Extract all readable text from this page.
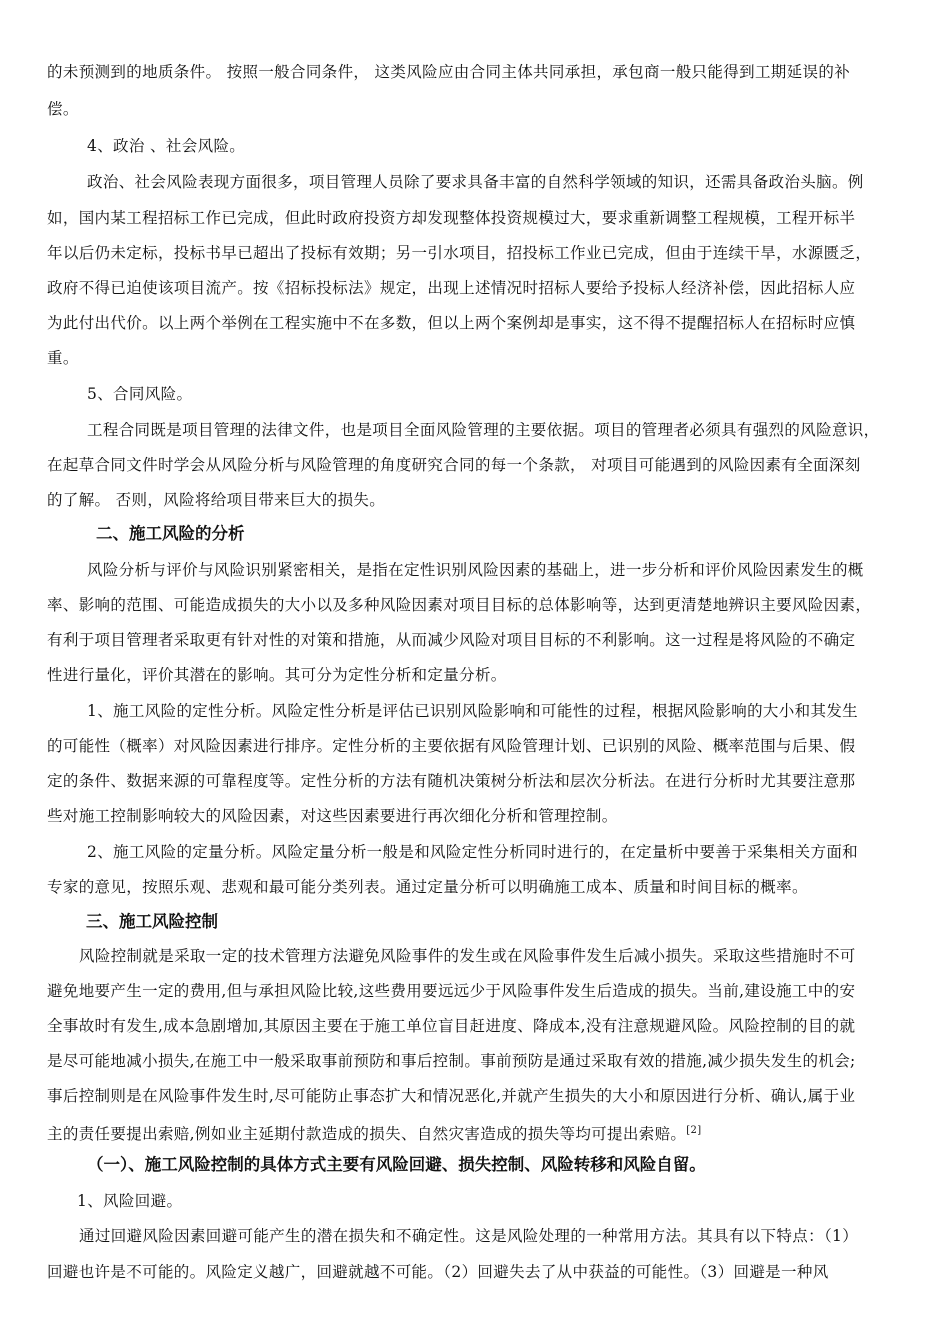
的未预测到的地质条件。 按照一般合同条件， 这类风险应由合同主体共同承担，承包商一般只能得到工期延误的补
偿。
4、政治 、社会风险。
政治、社会风险表现方面很多，项目管理人员除了要求具备丰富的自然科学领域的知识，还需具备政治头脑。例
如，国内某工程招标工作已完成，但此时政府投资方却发现整体投资规模过大，要求重新调整工程规模，工程开标半
年以后仍未定标，投标书早已超出了投标有效期；另一引水项目，招投标工作业已完成，但由于连续干旱，水源匮乏，
政府不得已迫使该项目流产。按《招标投标法》规定，出现上述情况时招标人要给予投标人经济补偿，因此招标人应
为此付出代价。以上两个举例在工程实施中不在多数，但以上两个案例却是事实，这不得不提醒招标人在招标时应慎
重。
5、合同风险。
工程合同既是项目管理的法律文件，也是项目全面风险管理的主要依据。项目的管理者必须具有强烈的风险意识，
在起草合同文件时学会从风险分析与风险管理的角度研究合同的每一个条款， 对项目可能遇到的风险因素有全面深刻
的了解。 否则，风险将给项目带来巨大的损失。
二、施工风险的分析
风险分析与评价与风险识别紧密相关，是指在定性识别风险因素的基础上，进一步分析和评价风险因素发生的概
率、影响的范围、可能造成损失的大小以及多种风险因素对项目目标的总体影响等，达到更清楚地辨识主要风险因素，
有利于项目管理者采取更有针对性的对策和措施，从而减少风险对项目目标的不利影响。这一过程是将风险的不确定
性进行量化，评价其潜在的影响。其可分为定性分析和定量分析。
1、施工风险的定性分析。风险定性分析是评估已识别风险影响和可能性的过程，根据风险影响的大小和其发生
的可能性（概率）对风险因素进行排序。定性分析的主要依据有风险管理计划、已识别的风险、概率范围与后果、假
定的条件、数据来源的可靠程度等。定性分析的方法有随机决策树分析法和层次分析法。在进行分析时尤其要注意那
些对施工控制影响较大的风险因素，对这些因素要进行再次细化分析和管理控制。
2、施工风险的定量分析。风险定量分析一般是和风险定性分析同时进行的，在定量析中要善于采集相关方面和
专家的意见，按照乐观、悲观和最可能分类列表。通过定量分析可以明确施工成本、质量和时间目标的概率。
三、施工风险控制
风险控制就是采取一定的技术管理方法避免风险事件的发生或在风险事件发生后减小损失。采取这些措施时不可
避免地要产生一定的费用,但与承担风险比较,这些费用要远远少于风险事件发生后造成的损失。当前,建设施工中的安
全事故时有发生,成本急剧增加,其原因主要在于施工单位盲目赶进度、降成本,没有注意规避风险。风险控制的目的就
是尽可能地减小损失,在施工中一般采取事前预防和事后控制。事前预防是通过采取有效的措施,减少损失发生的机会;
事后控制则是在风险事件发生时,尽可能防止事态扩大和情况恶化,并就产生损失的大小和原因进行分析、确认,属于业
主的责任要提出索赔,例如业主延期付款造成的损失、自然灾害造成的损失等均可提出索赔。[2]
（一）、施工风险控制的具体方式主要有风险回避、损失控制、风险转移和风险自留。
1、风险回避。
通过回避风险因素回避可能产生的潜在损失和不确定性。这是风险处理的一种常用方法。其具有以下特点：（1）
回避也许是不可能的。风险定义越广，回避就越不可能。（2）回避失去了从中获益的可能性。（3）回避是一种风
